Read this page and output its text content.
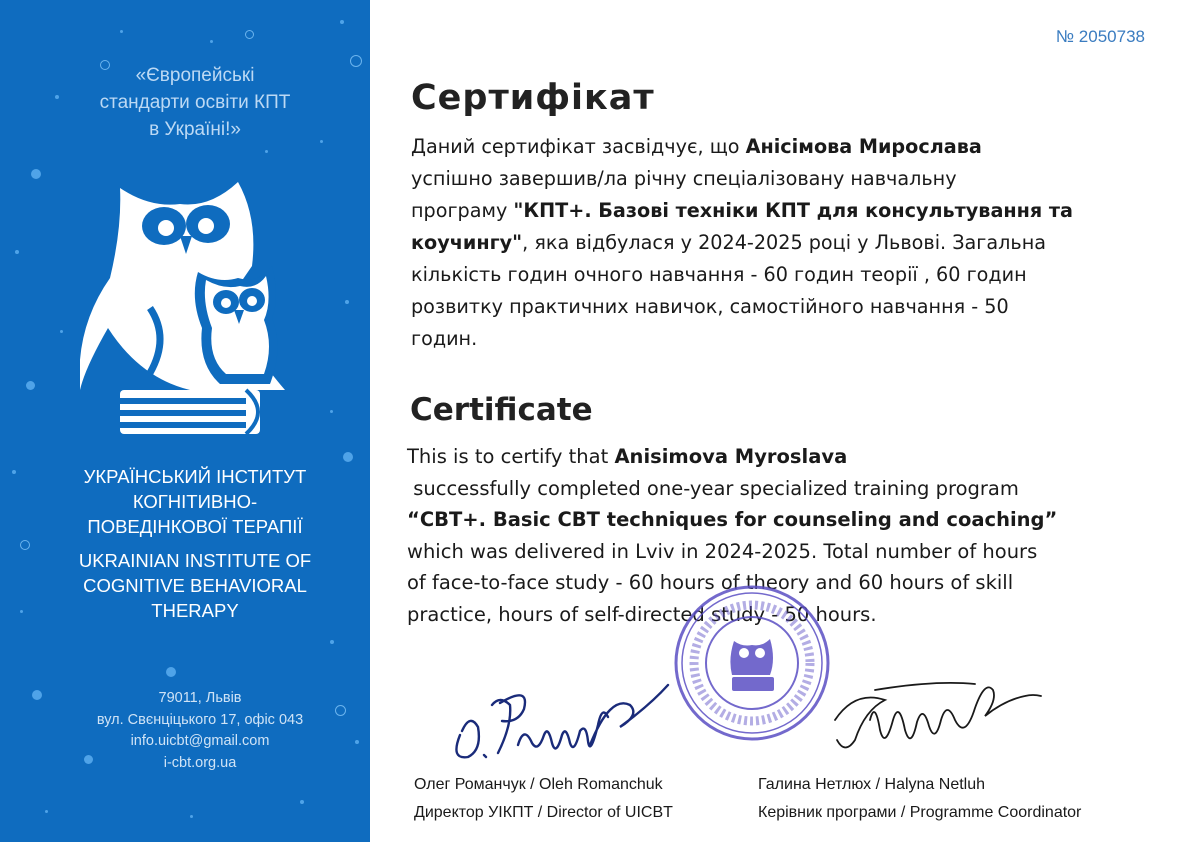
«Європейські
стандарти освіти КПТ
в Україні!»
УКРАЇНСЬКИЙ ІНСТИТУТ
КОГНІТИВНО-
ПОВЕДІНКОВОЇ ТЕРАПІЇ
UKRAINIAN INSTITUTE OF
COGNITIVE BEHAVIORAL
THERAPY
79011, Львів
вул. Свєнціцького 17, офіс 043
info.uicbt@gmail.com
i-cbt.org.ua
№ 2050738
Сертифікат
Даний сертифікат засвідчує, що Анісімова Мирослава
успішно завершив/ла річну спеціалізовану навчальну
програму "КПТ+. Базові техніки КПТ для консультування та
коучингу", яка відбулася у 2024-2025 році у Львові. Загальна
кількість годин очного навчання - 60 годин теорії , 60 годин
розвитку практичних навичок, самостійного навчання - 50
годин.
Certificate
This is to certify that Anisimova Myroslava
successfully completed one-year specialized training program
“CBT+. Basic CBT techniques for counseling and coaching”
which was delivered in Lviv in 2024-2025. Total number of hours
of face-to-face study - 60 hours of theory and 60 hours of skill
practice, hours of self-directed study - 50 hours.
Олег Романчук / Oleh Romanchuk
Директор УІКПТ / Director of UICBT
Галина Нетлюх / Halyna Netluh
Керівник програми / Programme Coordinator
